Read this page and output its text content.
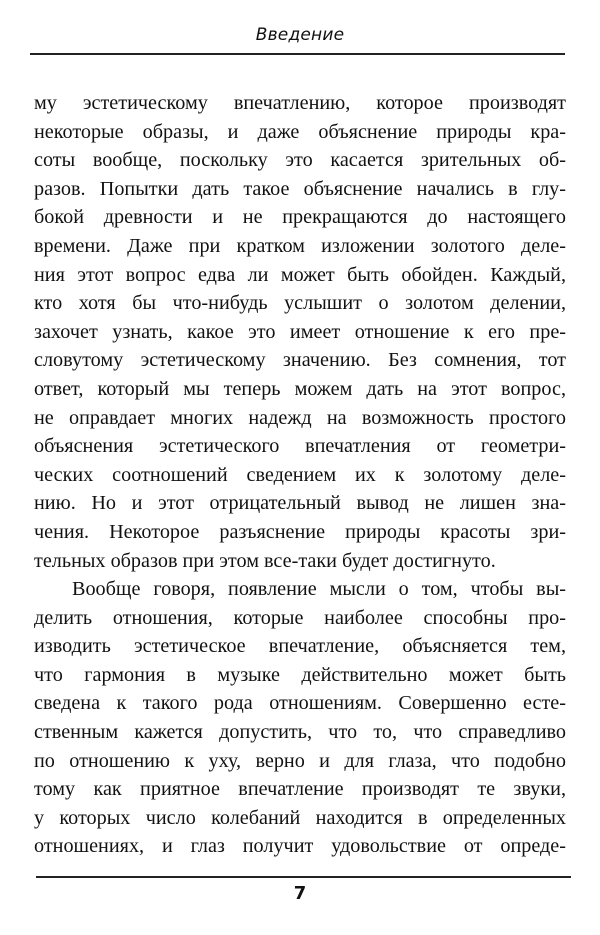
Введение
му эстетическому впечатлению, которое производят
некоторые образы, и даже объяснение природы кра-
соты вообще, поскольку это касается зрительных об-
разов. Попытки дать такое объяснение начались в глу-
бокой древности и не прекращаются до настоящего
времени. Даже при кратком изложении золотого деле-
ния этот вопрос едва ли может быть обойден. Каждый,
кто хотя бы что-нибудь услышит о золотом делении,
захочет узнать, какое это имеет отношение к его пре-
словутому эстетическому значению. Без сомнения, тот
ответ, который мы теперь можем дать на этот вопрос,
не оправдает многих надежд на возможность простого
объяснения эстетического впечатления от геометри-
ческих соотношений сведением их к золотому деле-
нию. Но и этот отрицательный вывод не лишен зна-
чения. Некоторое разъяснение природы красоты зри-
тельных образов при этом все-таки будет достигнуто.
Вообще говоря, появление мысли о том, чтобы вы-
делить отношения, которые наиболее способны про-
изводить эстетическое впечатление, объясняется тем,
что гармония в музыке действительно может быть
сведена к такого рода отношениям. Совершенно есте-
ственным кажется допустить, что то, что справедливо
по отношению к уху, верно и для глаза, что подобно
тому как приятное впечатление производят те звуки,
у которых число колебаний находится в определенных
отношениях, и глаз получит удовольствие от опреде-
7
